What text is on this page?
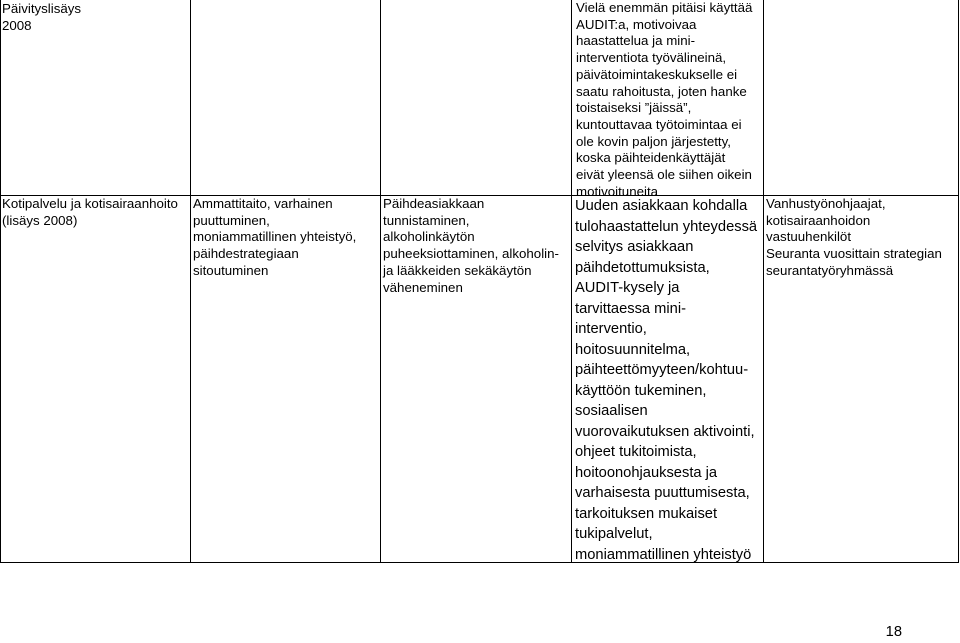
Päivityslisäys
2008
Vielä enemmän pitäisi käyttää
AUDIT:a, motivoivaa
haastattelua ja mini-
interventiota työvälineinä,
päivätoimintakeskukselle ei
saatu rahoitusta, joten hanke
toistaiseksi ”jäissä”,
kuntouttavaa työtoimintaa ei
ole kovin paljon järjestetty,
koska päihteidenkäyttäjät
eivät yleensä ole siihen oikein
motivoituneita
Kotipalvelu ja kotisairaanhoito
(lisäys 2008)
Ammattitaito, varhainen
puuttuminen,
moniammatillinen yhteistyö,
päihdestrategiaan
sitoutuminen
Päihdeasiakkaan
tunnistaminen,
alkoholinkäytön
puheeksiottaminen, alkoholin-
ja lääkkeiden sekäkäytön
väheneminen
Uuden asiakkaan kohdalla
tulohaastattelun yhteydessä
selvitys asiakkaan
päihdetottumuksista,
AUDIT-kysely ja
tarvittaessa mini-
interventio,
hoitosuunnitelma,
päihteettömyyteen/kohtuu-
käyttöön tukeminen,
sosiaalisen
vuorovaikutuksen aktivointi,
ohjeet tukitoimista,
hoitoonohjauksesta ja
varhaisesta puuttumisesta,
tarkoituksen mukaiset
tukipalvelut,
moniammatillinen yhteistyö
Vanhustyönohjaajat,
kotisairaanhoidon
vastuuhenkilöt
Seuranta vuosittain strategian
seurantatyöryhmässä
18
